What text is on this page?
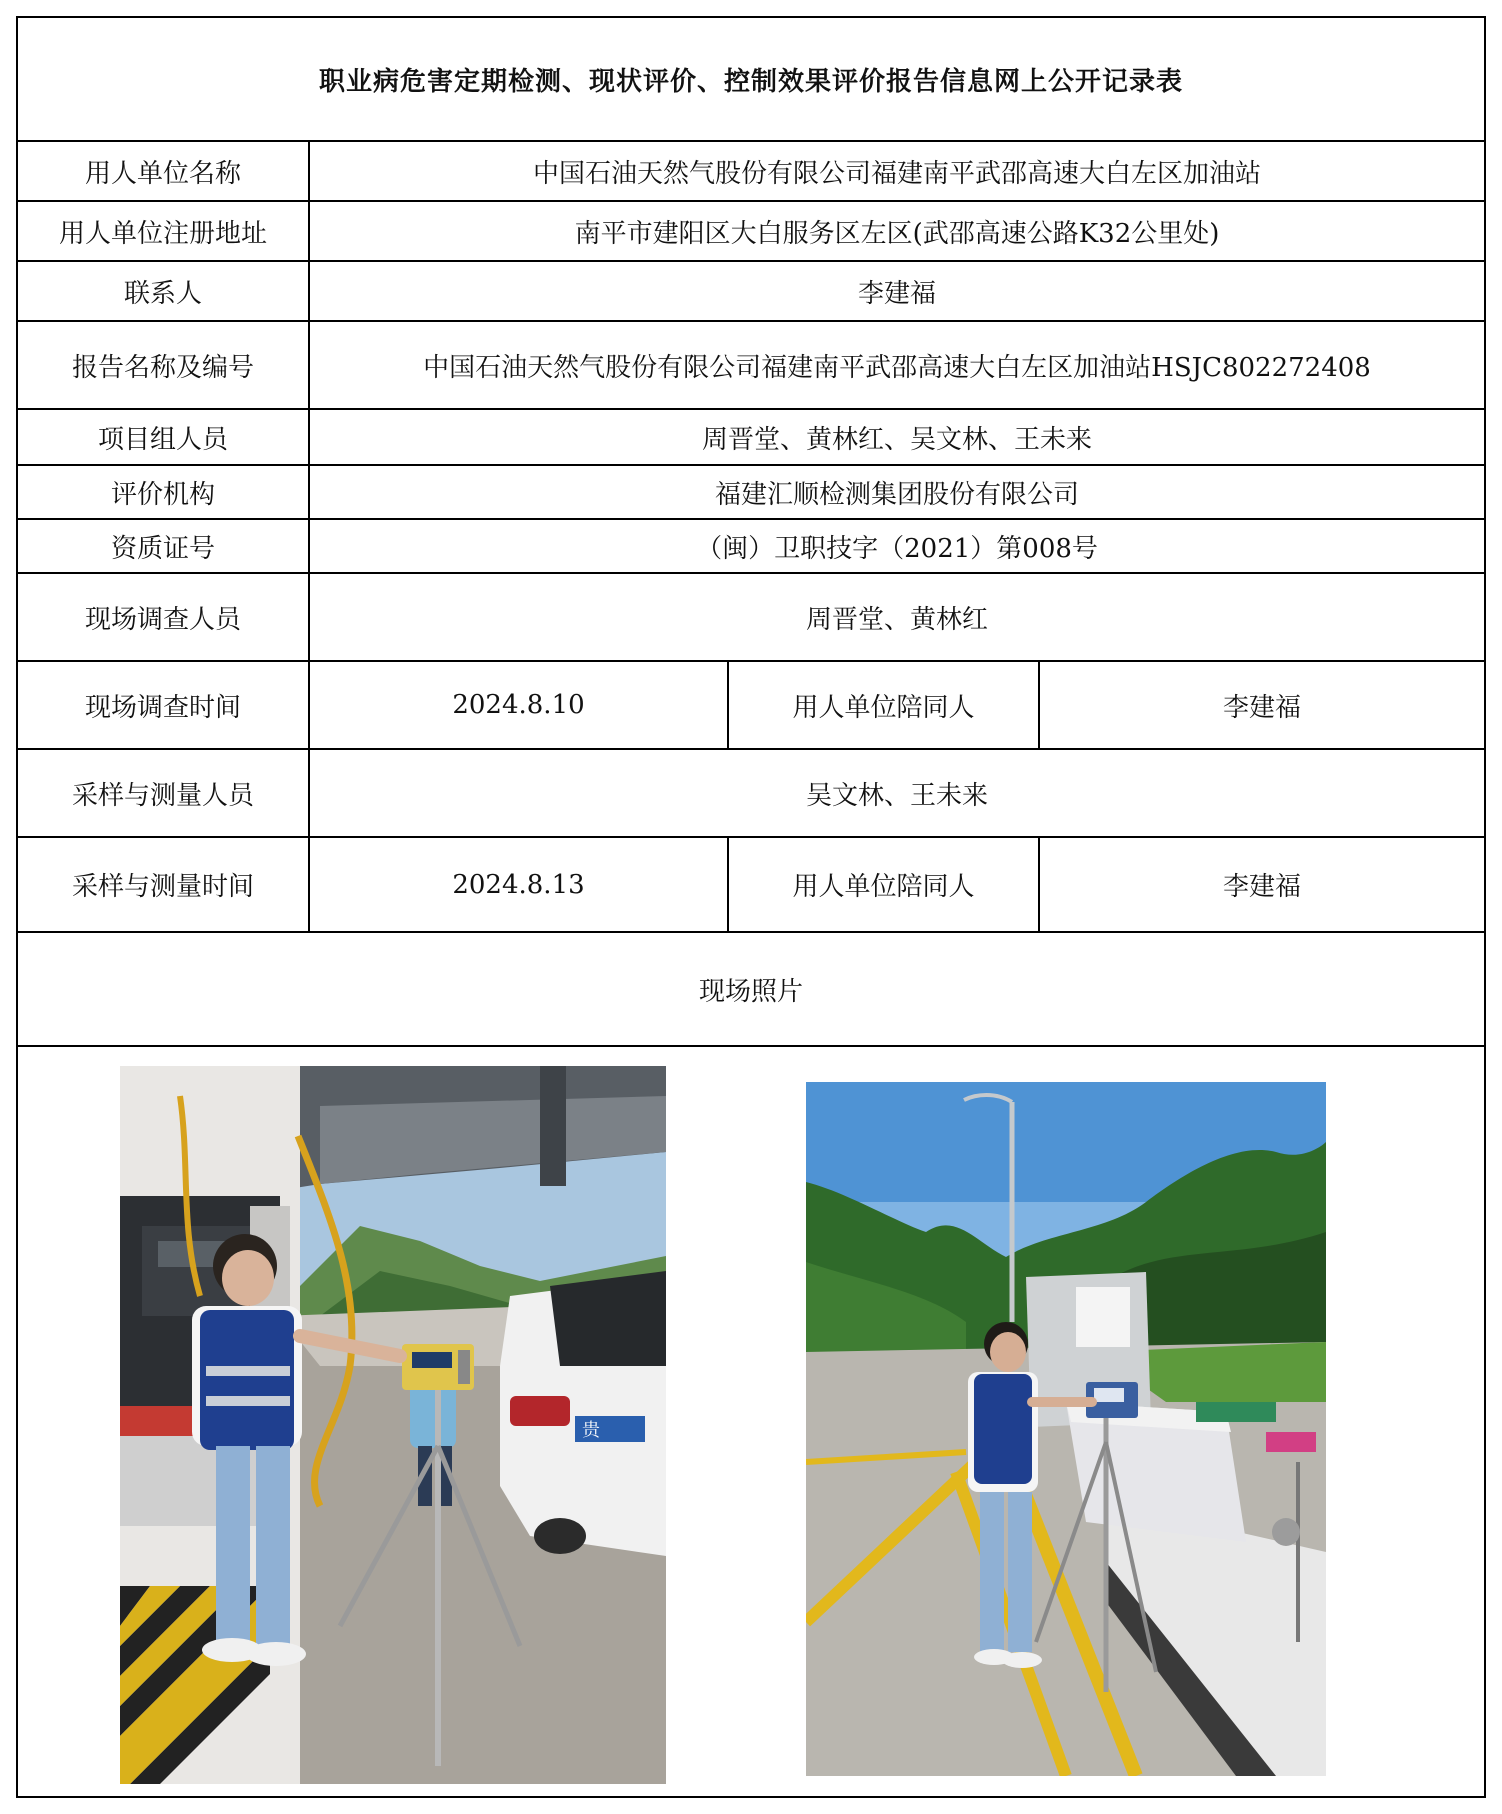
职业病危害定期检测、现状评价、控制效果评价报告信息网上公开记录表			
用人单位名称	中国石油天然气股份有限公司福建南平武邵高速大白左区加油站		
用人单位注册地址	南平市建阳区大白服务区左区(武邵高速公路K32公里处)		
联系人	李建福		
报告名称及编号	中国石油天然气股份有限公司福建南平武邵高速大白左区加油站HSJC802272408		
项目组人员	周晋堂、黄林红、吴文林、王未来		
评价机构	福建汇顺检测集团股份有限公司		
资质证号	（闽）卫职技字（2021）第008号		
现场调查人员	周晋堂、黄林红		
现场调查时间	2024.8.10	用人单位陪同人	李建福
采样与测量人员	吴文林、王未来		
采样与测量时间	2024.8.13	用人单位陪同人	李建福
现场照片			
贵
